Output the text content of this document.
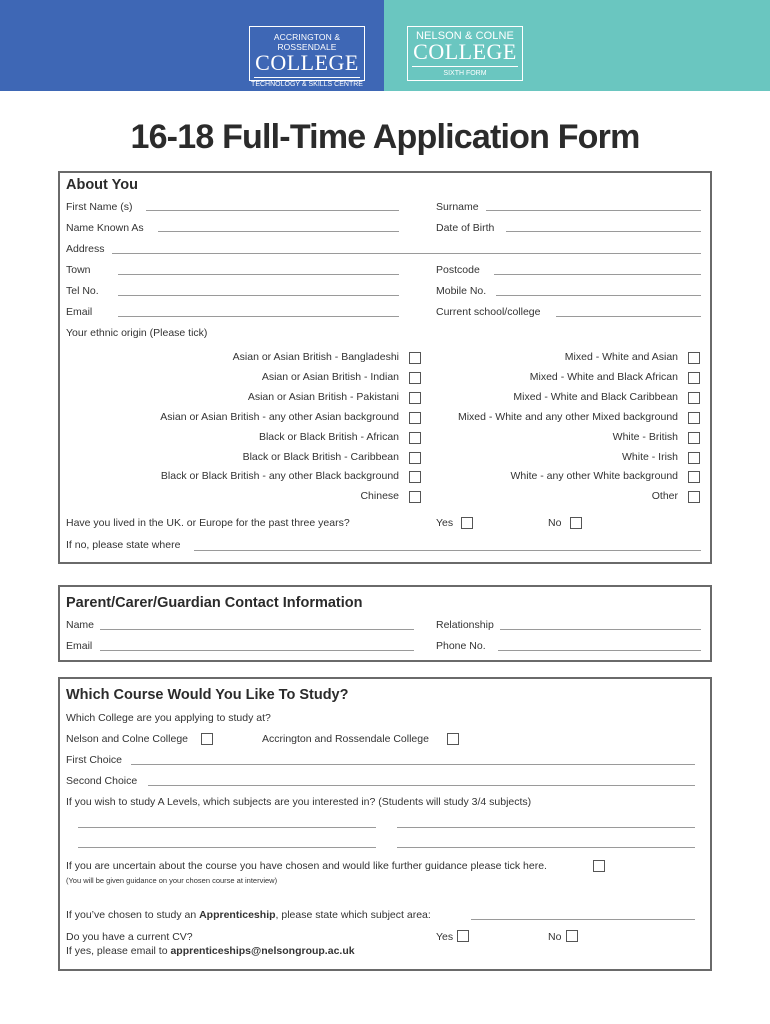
ACCRINGTON & ROSSENDALE
COLLEGE
TECHNOLOGY & SKILLS CENTRE
NELSON & COLNE
COLLEGE
SIXTH FORM
16-18 Full-Time Application Form
About You
First Name (s)	Surname
Name Known As	Date of Birth
Address
Town	Postcode
Tel No.	Mobile No.
Email	Current school/college
Your ethnic origin (Please tick)
Asian or Asian British - Bangladeshi
Asian or Asian British - Indian
Asian or Asian British - Pakistani
Asian or Asian British - any other Asian background
Black or Black British - African
Black or Black British - Caribbean
Black or Black British - any other Black background
Chinese
Mixed - White and Asian
Mixed - White and Black African
Mixed - White and Black Caribbean
Mixed - White and any other Mixed background
White - British
White - Irish
White - any other White background
Other
Have you lived in the UK. or Europe for the past three years?	Yes	No
If no, please state where
Parent/Carer/Guardian Contact Information
Name	Relationship
Email	Phone No.
Which Course Would You Like To Study?
Which College are you applying to study at?
Nelson and Colne College	Accrington and Rossendale College
First Choice
Second Choice
If you wish to study A Levels, which subjects are you interested in? (Students will study 3/4 subjects)
If you are uncertain about the course you have chosen and would like further guidance please tick here.
(You will be given guidance on your chosen course at interview)
If you’ve chosen to study an Apprenticeship, please state which subject area:
Do you have a current CV?	Yes	No
If yes, please email to apprenticeships@nelsongroup.ac.uk
